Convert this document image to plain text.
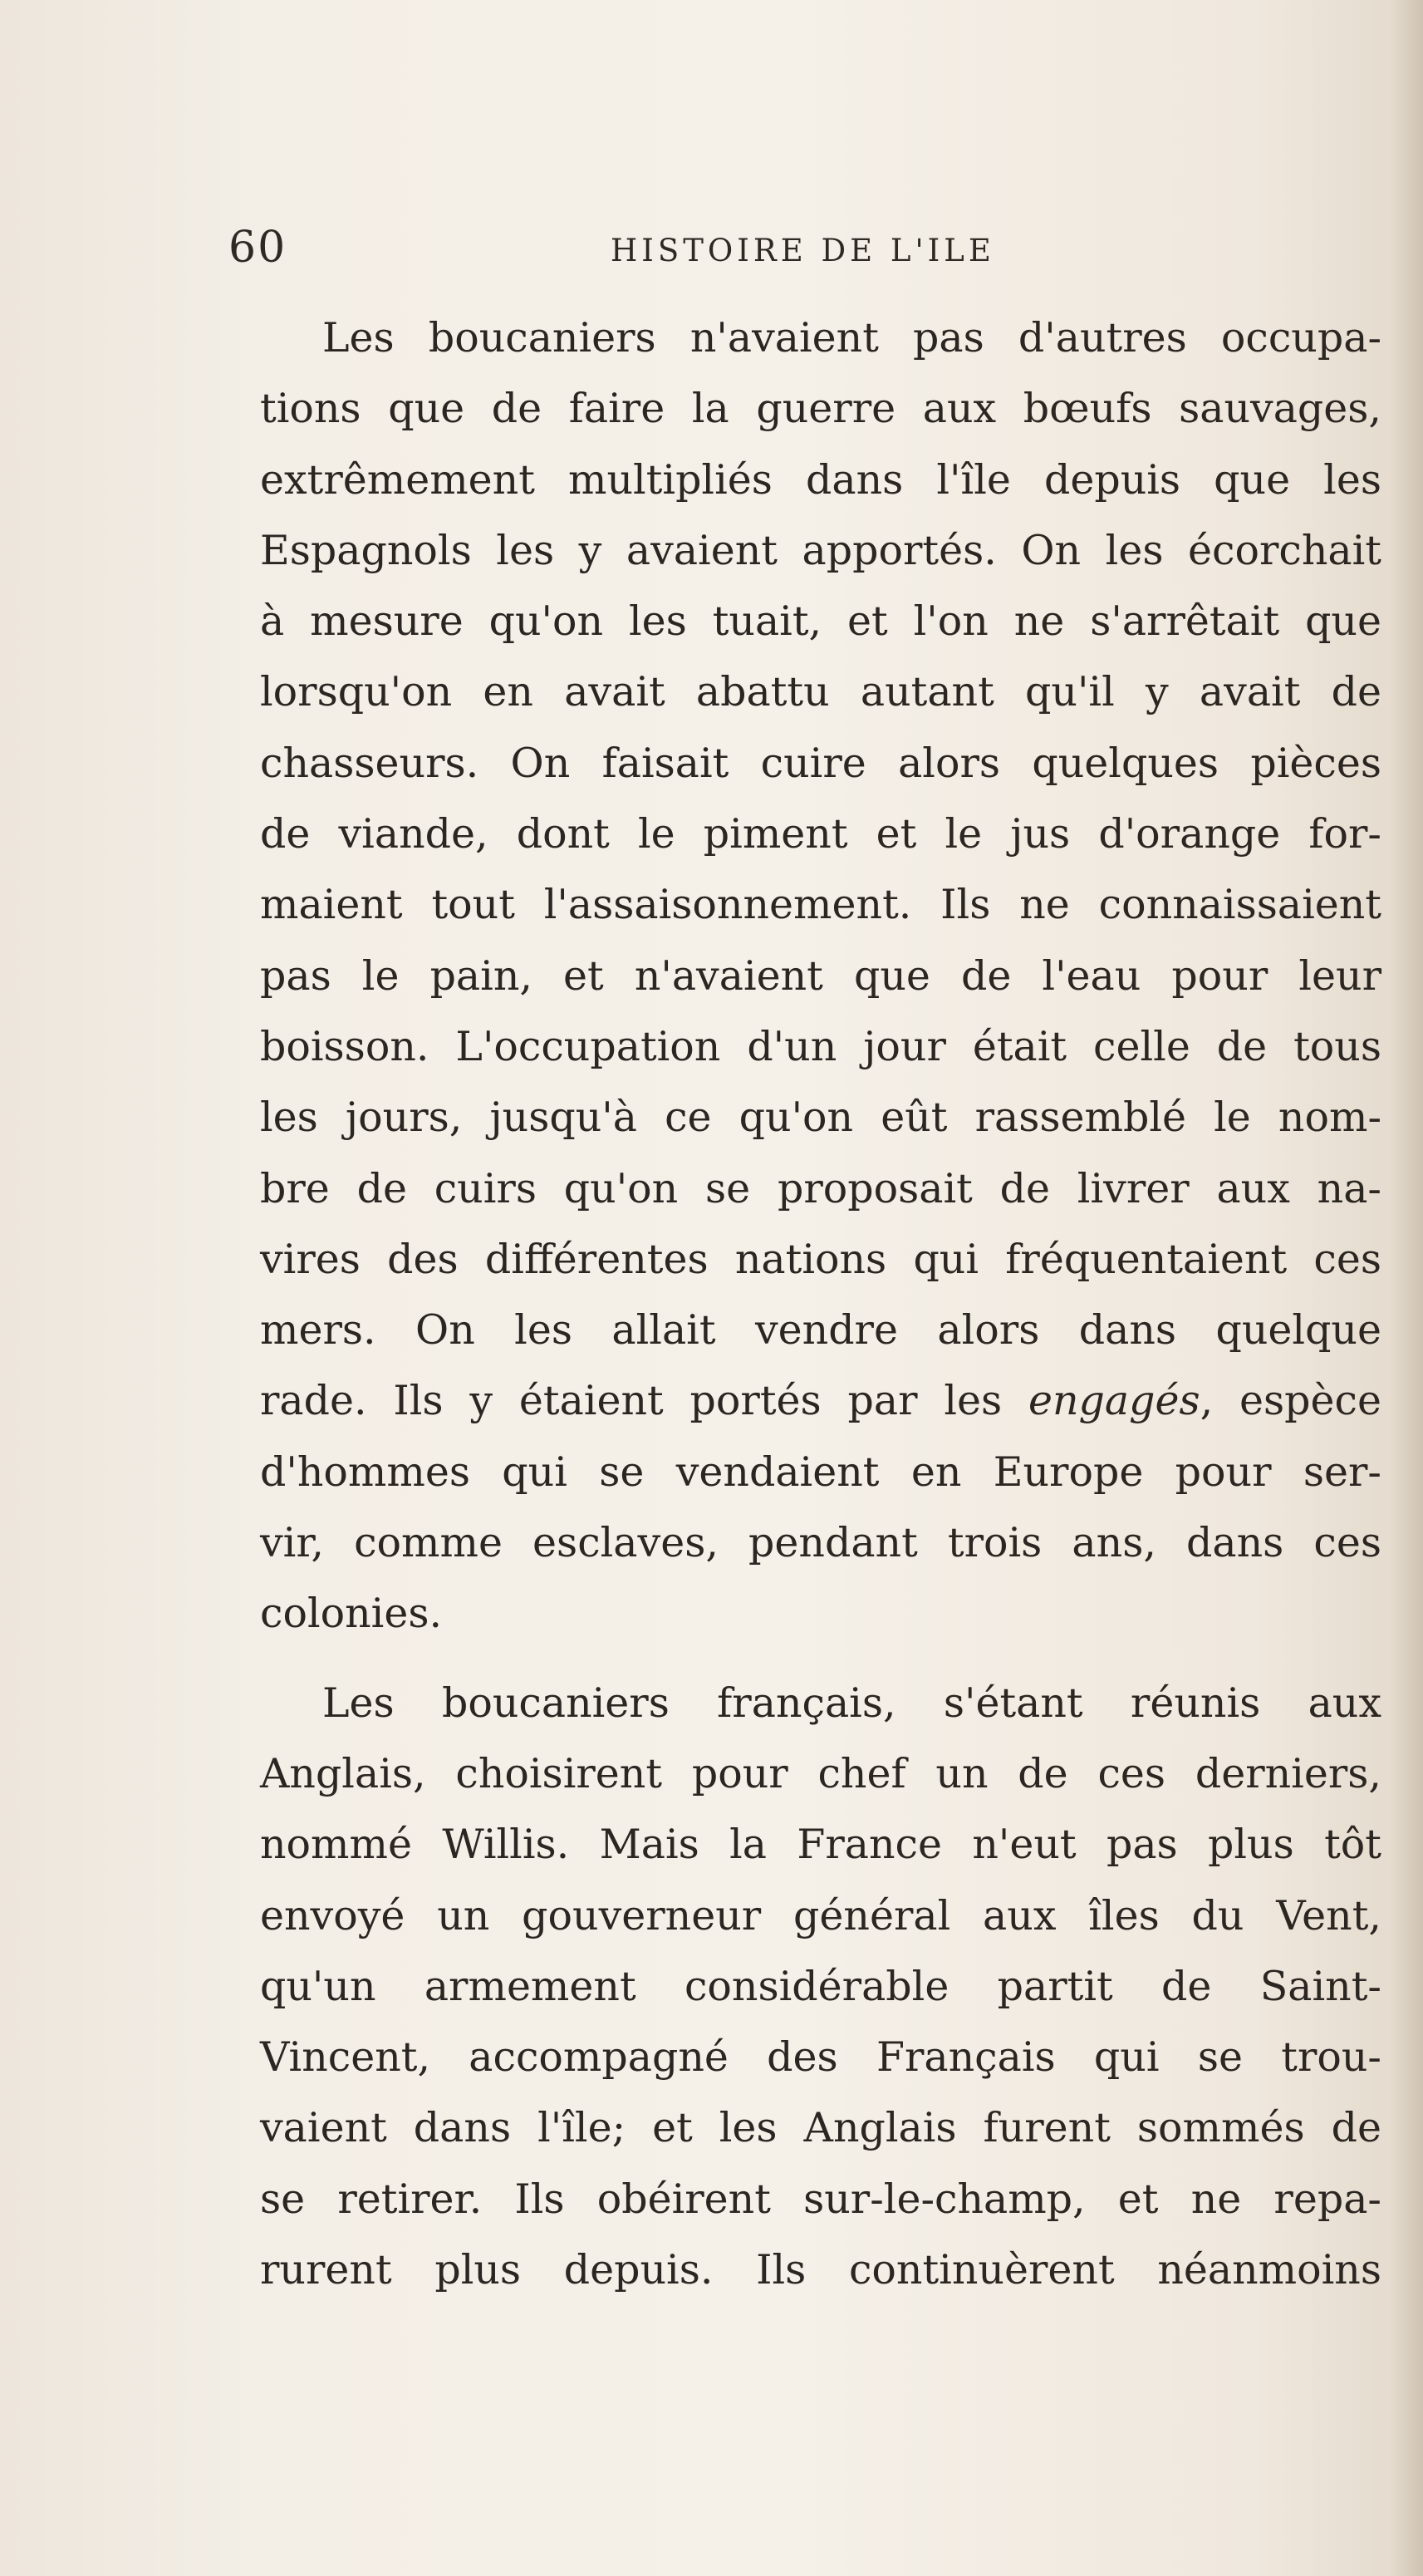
60	HISTOIRE DE L'ILE
Les boucaniers n'avaient pas d'autres occupa-
tions que de faire la guerre aux bœufs sauvages,
extrêmement multipliés dans l'île depuis que les
Espagnols les y avaient apportés. On les écorchait
à mesure qu'on les tuait, et l'on ne s'arrêtait que
lorsqu'on en avait abattu autant qu'il y avait de
chasseurs. On faisait cuire alors quelques pièces
de viande, dont le piment et le jus d'orange for-
maient tout l'assaisonnement. Ils ne connaissaient
pas le pain, et n'avaient que de l'eau pour leur
boisson. L'occupation d'un jour était celle de tous
les jours, jusqu'à ce qu'on eût rassemblé le nom-
bre de cuirs qu'on se proposait de livrer aux na-
vires des différentes nations qui fréquentaient ces
mers. On les allait vendre alors dans quelque
rade. Ils y étaient portés par les engagés, espèce
d'hommes qui se vendaient en Europe pour ser-
vir, comme esclaves, pendant trois ans, dans ces
colonies.
Les boucaniers français, s'étant réunis aux
Anglais, choisirent pour chef un de ces derniers,
nommé Willis. Mais la France n'eut pas plus tôt
envoyé un gouverneur général aux îles du Vent,
qu'un armement considérable partit de Saint-
Vincent, accompagné des Français qui se trou-
vaient dans l'île; et les Anglais furent sommés de
se retirer. Ils obéirent sur-le-champ, et ne repa-
rurent plus depuis. Ils continuèrent néanmoins
